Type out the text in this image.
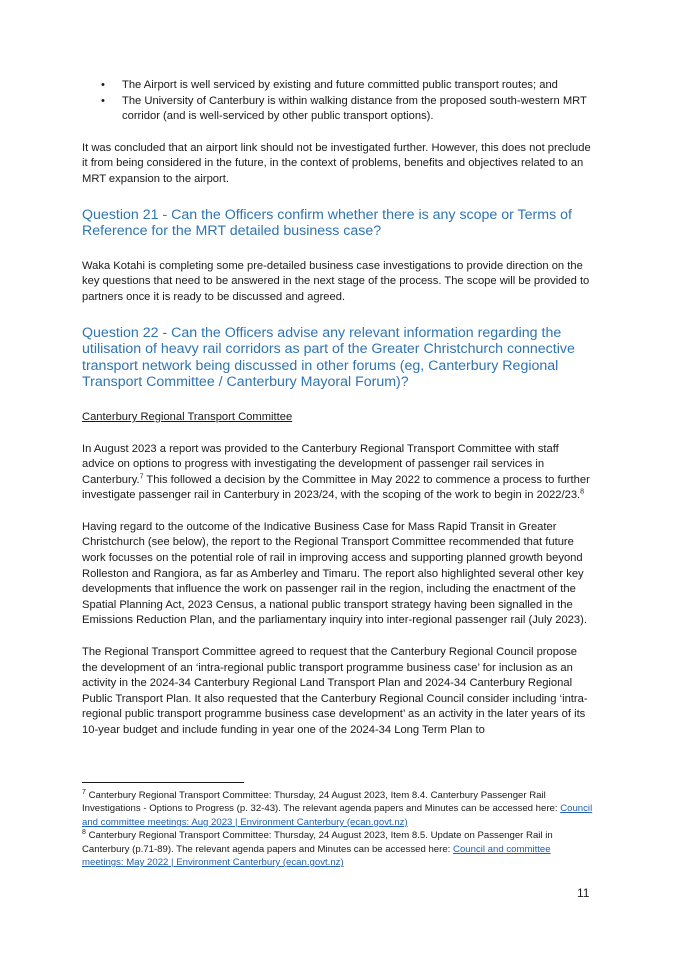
• The Airport is well serviced by existing and future committed public transport routes; and
• The University of Canterbury is within walking distance from the proposed south-western MRT corridor (and is well-serviced by other public transport options).

It was concluded that an airport link should not be investigated further. However, this does not preclude it from being considered in the future, in the context of problems, benefits and objectives related to an MRT expansion to the airport.

Question 21 - Can the Officers confirm whether there is any scope or Terms of Reference for the MRT detailed business case?

Waka Kotahi is completing some pre-detailed business case investigations to provide direction on the key questions that need to be answered in the next stage of the process. The scope will be provided to partners once it is ready to be discussed and agreed.

Question 22 - Can the Officers advise any relevant information regarding the utilisation of heavy rail corridors as part of the Greater Christchurch connective transport network being discussed in other forums (eg, Canterbury Regional Transport Committee / Canterbury Mayoral Forum)?

Canterbury Regional Transport Committee

In August 2023 a report was provided to the Canterbury Regional Transport Committee with staff advice on options to progress with investigating the development of passenger rail services in Canterbury.$^7$ This followed a decision by the Committee in May 2022 to commence a process to further investigate passenger rail in Canterbury in 2023/24, with the scoping of the work to begin in 2022/23.$^8$

Having regard to the outcome of the Indicative Business Case for Mass Rapid Transit in Greater Christchurch (see below), the report to the Regional Transport Committee recommended that future work focusses on the potential role of rail in improving access and supporting planned growth beyond Rolleston and Rangiora, as far as Amberley and Timaru. The report also highlighted several other key developments that influence the work on passenger rail in the region, including the enactment of the Spatial Planning Act, 2023 Census, a national public transport strategy having been signalled in the Emissions Reduction Plan, and the parliamentary inquiry into inter-regional passenger rail (July 2023).

The Regional Transport Committee agreed to request that the Canterbury Regional Council propose the development of an ‘intra-regional public transport programme business case’ for inclusion as an activity in the 2024-34 Canterbury Regional Land Transport Plan and 2024-34 Canterbury Regional Public Transport Plan. It also requested that the Canterbury Regional Council consider including ‘intra-regional public transport programme business case development’ as an activity in the later years of its 10-year budget and include funding in year one of the 2024-34 Long Term Plan to

$^7$ Canterbury Regional Transport Committee: Thursday, 24 August 2023, Item 8.4. Canterbury Passenger Rail Investigations - Options to Progress (p. 32-43). The relevant agenda papers and Minutes can be accessed here: Council and committee meetings: Aug 2023 | Environment Canterbury (ecan.govt.nz)

$^8$ Canterbury Regional Transport Committee: Thursday, 24 August 2023, Item 8.5. Update on Passenger Rail in Canterbury (p.71-89). The relevant agenda papers and Minutes can be accessed here: Council and committee meetings: May 2022 | Environment Canterbury (ecan.govt.nz)

11
